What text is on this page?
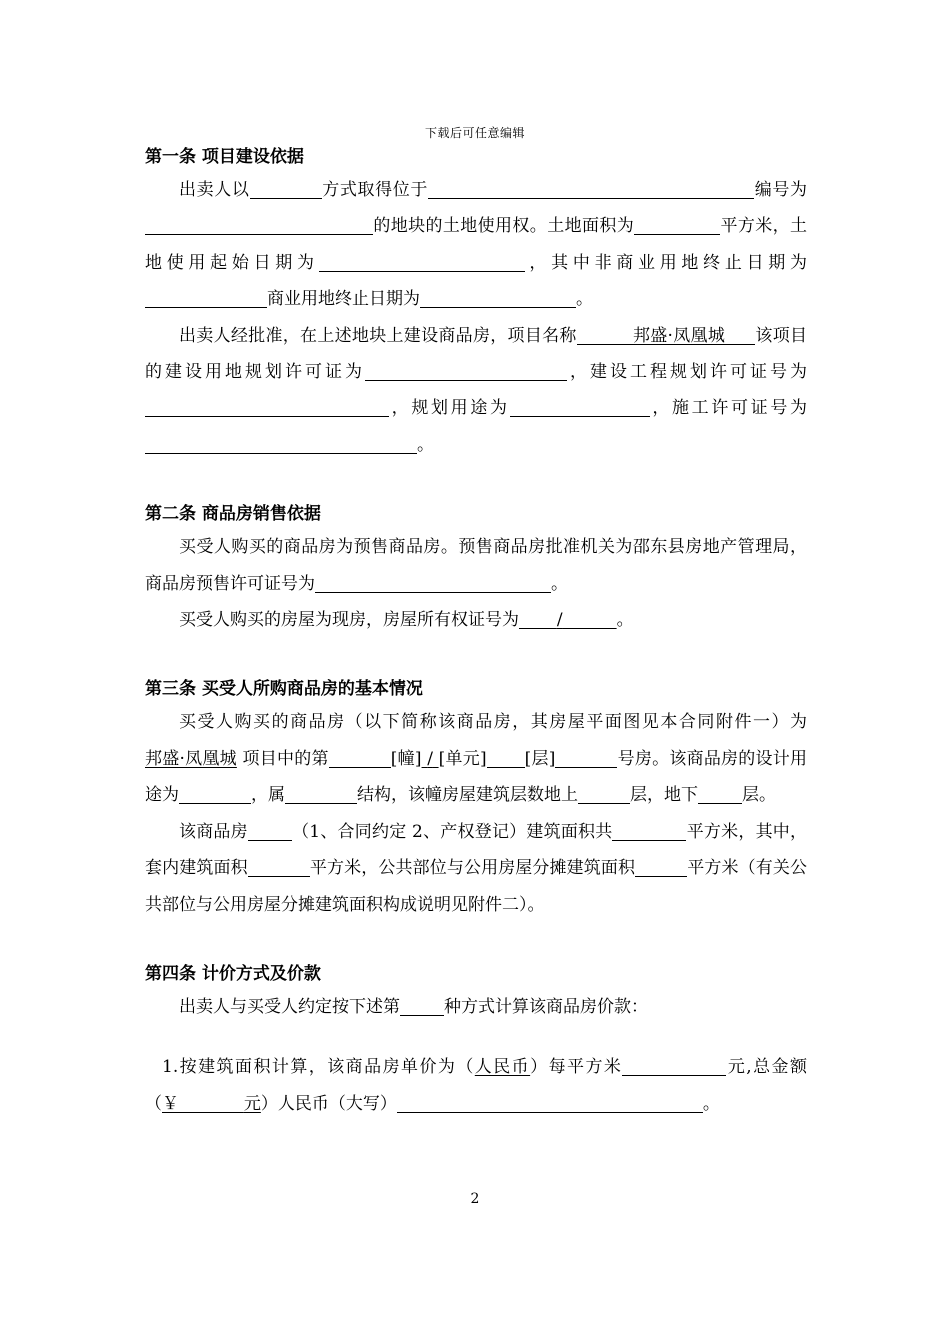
下载后可任意编辑
第一条 项目建设依据

出卖人以	方式取得位于	编号为的地块的土地使用权。土地面积为	平方米，土地使用起始日期为	，其中非商业用地终止日期为商业用地终止日期为	。

出卖人经批准，在上述地块上建设商品房，项目名称	邦盛·凤凰城 该项目的建设用地规划许可证为	，建设工程规划许可证号为，规划用途为	，施工许可证号为。

第二条 商品房销售依据

买受人购买的商品房为预售商品房。预售商品房批准机关为邵东县房地产管理局，商品房预售许可证号为	。

买受人购买的房屋为现房，房屋所有权证号为 /	。

第三条 买受人所购商品房的基本情况

买受人购买的商品房（以下简称该商品房，其房屋平面图见本合同附件一）为邦盛·凤凰城 项目中的第	[幢] / [单元] [层]	号房。该商品房的设计用途为	，属	结构，该幢房屋建筑层数地上	层，地下	层。

该商品房	（1、合同约定 2、产权登记）建筑面积共	平方米，其中，套内建筑面积	平方米，公共部位与公用房屋分摊建筑面积	平方米（有关公共部位与公用房屋分摊建筑面积构成说明见附件二）。

第四条 计价方式及价款

出卖人与买受人约定按下述第	种方式计算该商品房价款：

1.按建筑面积计算，该商品房单价为（人民币）每平方米	元,总金额（￥	元）人民币（大写）	。

2
